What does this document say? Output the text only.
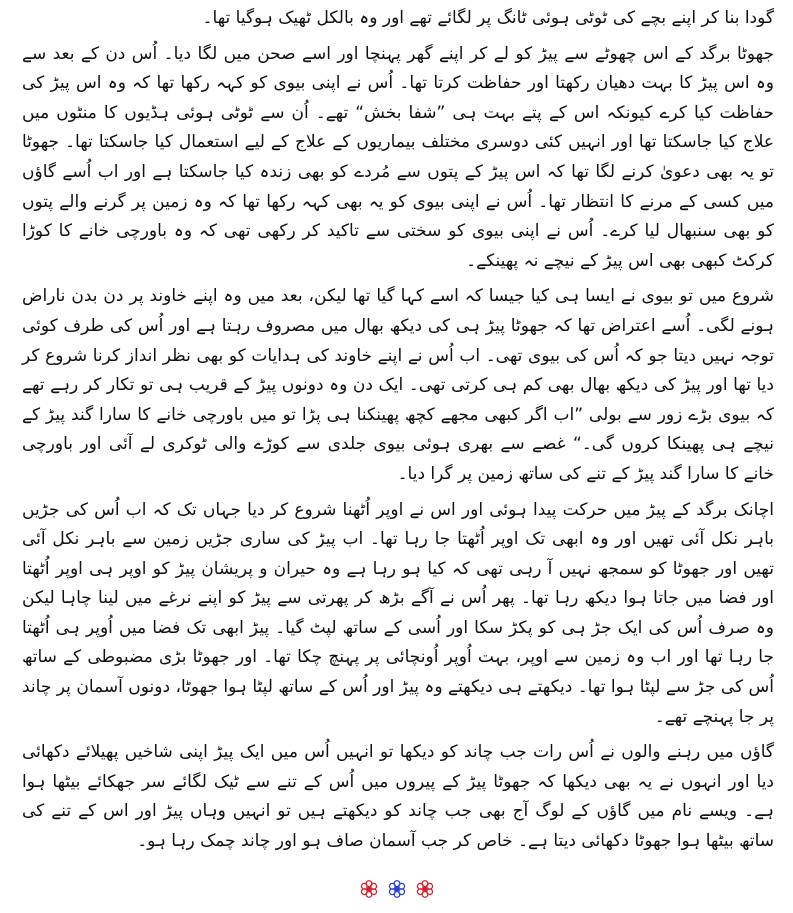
گودا بنا کر اپنے بچے کی ٹوٹی ہوئی ٹانگ پر لگائے تھے اور وہ بالکل ٹھیک ہوگیا تھا۔

جھوٹا برگد کے اس چھوٹے سے پیڑ کو لے کر اپنے گھر پہنچا اور اسے صحن میں لگا دیا۔ اُس دن کے بعد سے وہ اس پیڑ کا بہت دھیان رکھتا اور حفاظت کرتا تھا۔ اُس نے اپنی بیوی کو کہہ رکھا تھا کہ وہ اس پیڑ کی حفاظت کیا کرے کیونکہ اس کے پتے بہت ہی ”شفا بخش“ تھے۔ اُن سے ٹوٹی ہوئی ہڈیوں کا منٹوں میں علاج کیا جاسکتا تھا اور انہیں کئی دوسری مختلف بیماریوں کے علاج کے لیے استعمال کیا جاسکتا تھا۔ جھوٹا تو یہ بھی دعویٰ کرنے لگا تھا کہ اس پیڑ کے پتوں سے مُردے کو بھی زندہ کیا جاسکتا ہے اور اب اُسے گاؤں میں کسی کے مرنے کا انتظار تھا۔ اُس نے اپنی بیوی کو یہ بھی کہہ رکھا تھا کہ وہ زمین پر گرنے والے پتوں کو بھی سنبھال لیا کرے۔ اُس نے اپنی بیوی کو سختی سے تاکید کر رکھی تھی کہ وہ باورچی خانے کا کوڑا کرکٹ کبھی بھی اس پیڑ کے نیچے نہ پھینکے۔

شروع میں تو بیوی نے ایسا ہی کیا جیسا کہ اسے کہا گیا تھا لیکن، بعد میں وہ اپنے خاوند پر دن بدن ناراض ہونے لگی۔ اُسے اعتراض تھا کہ جھوٹا پیڑ ہی کی دیکھ بھال میں مصروف رہتا ہے اور اُس کی طرف کوئی توجہ نہیں دیتا جو کہ اُس کی بیوی تھی۔ اب اُس نے اپنے خاوند کی ہدایات کو بھی نظر انداز کرنا شروع کر دیا تھا اور پیڑ کی دیکھ بھال بھی کم ہی کرتی تھی۔ ایک دن وہ دونوں پیڑ کے قریب ہی تو تکار کر رہے تھے کہ بیوی بڑے زور سے بولی ”اب اگر کبھی مجھے کچھ پھینکنا ہی پڑا تو میں باورچی خانے کا سارا گند پیڑ کے نیچے ہی پھینکا کروں گی۔“ غصے سے بھری ہوئی بیوی جلدی سے کوڑے والی ٹوکری لے آئی اور باورچی خانے کا سارا گند پیڑ کے تنے کی ساتھ زمین پر گرا دیا۔

اچانک برگد کے پیڑ میں حرکت پیدا ہوئی اور اس نے اوپر اُٹھنا شروع کر دیا جہاں تک کہ اب اُس کی جڑیں باہر نکل آئی تھیں اور وہ ابھی تک اوپر اُٹھتا جا رہا تھا۔ اب پیڑ کی ساری جڑیں زمین سے باہر نکل آئی تھیں اور جھوٹا کو سمجھ نہیں آ رہی تھی کہ کیا ہو رہا ہے وہ حیران و پریشان پیڑ کو اوپر ہی اوپر اُٹھتا اور فضا میں جاتا ہوا دیکھ رہا تھا۔ پھر اُس نے آگے بڑھ کر پھرتی سے پیڑ کو اپنے نرغے میں لینا چاہا لیکن وہ صرف اُس کی ایک جڑ ہی کو پکڑ سکا اور اُسی کے ساتھ لپٹ گیا۔ پیڑ ابھی تک فضا میں اُوپر ہی اُٹھتا جا رہا تھا اور اب وہ زمین سے اوپر، بہت اُوپر اُونچائی پر پہنچ چکا تھا۔ اور جھوٹا بڑی مضبوطی کے ساتھ اُس کی جڑ سے لپٹا ہوا تھا۔ دیکھتے ہی دیکھتے وہ پیڑ اور اُس کے ساتھ لپٹا ہوا جھوٹا، دونوں آسمان پر چاند پر جا پہنچے تھے۔

گاؤں میں رہنے والوں نے اُس رات جب چاند کو دیکھا تو انہیں اُس میں ایک پیڑ اپنی شاخیں پھیلائے دکھائی دیا اور انہوں نے یہ بھی دیکھا کہ جھوٹا پیڑ کے پیروں میں اُس کے تنے سے ٹیک لگائے سر جھکائے بیٹھا ہوا ہے۔ ویسے نام میں گاؤں کے لوگ آج بھی جب چاند کو دیکھتے ہیں تو انہیں وہاں پیڑ اور اس کے تنے کی ساتھ بیٹھا ہوا جھوٹا دکھائی دیتا ہے۔ خاص کر جب آسمان صاف ہو اور چاند چمک رہا ہو۔
